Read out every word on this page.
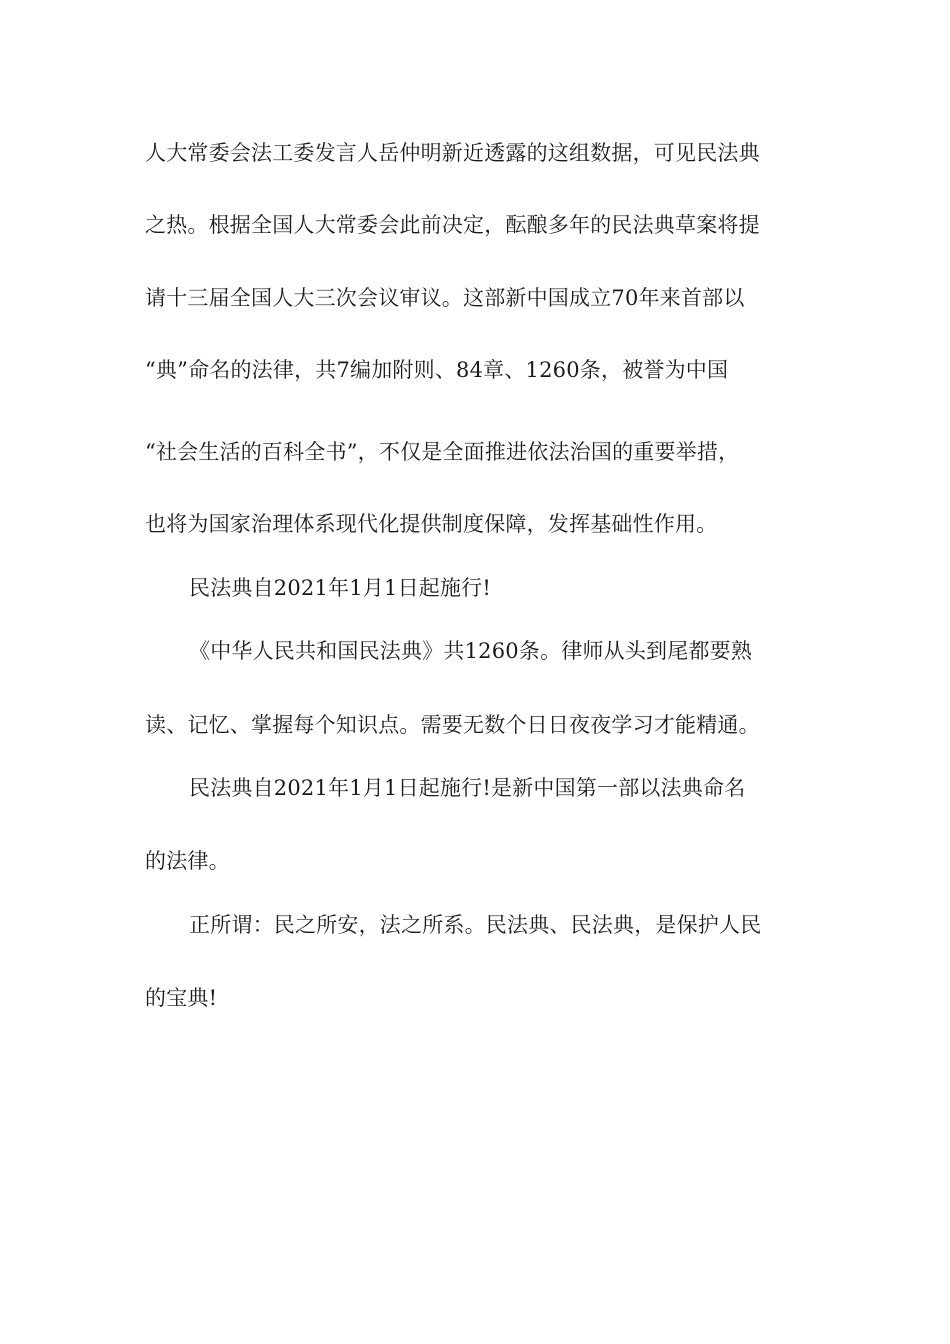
人大常委会法工委发言人岳仲明新近透露的这组数据，可见民法典
之热。根据全国人大常委会此前决定，酝酿多年的民法典草案将提
请十三届全国人大三次会议审议。这部新中国成立70年来首部以
“典”命名的法律，共7编加附则、84章、1260条，被誉为中国
“社会生活的百科全书”，不仅是全面推进依法治国的重要举措，
也将为国家治理体系现代化提供制度保障，发挥基础性作用。
民法典自2021年1月1日起施行!
《中华人民共和国民法典》共1260条。律师从头到尾都要熟
读、记忆、掌握每个知识点。需要无数个日日夜夜学习才能精通。
民法典自2021年1月1日起施行!是新中国第一部以法典命名
的法律。
正所谓：民之所安，法之所系。民法典、民法典，是保护人民
的宝典!
